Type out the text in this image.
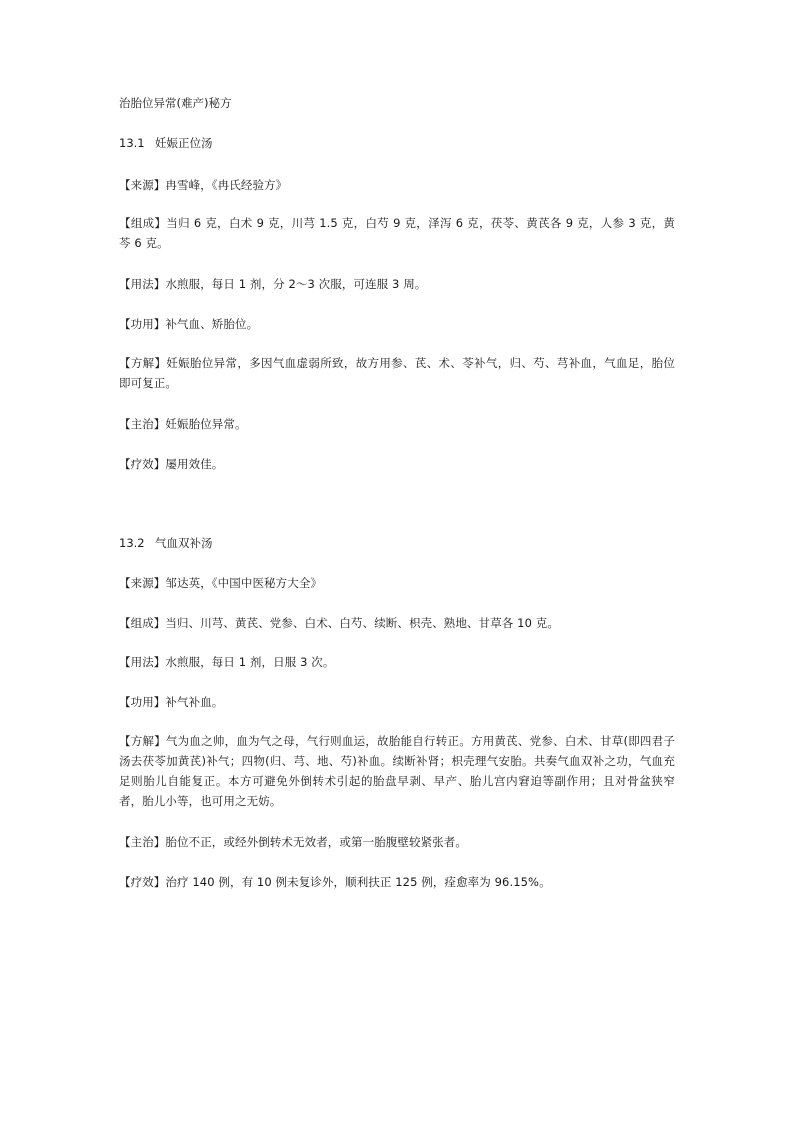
治胎位异常(难产)秘方
13.1 妊娠正位汤
【来源】冉雪峰，《冉氏经验方》
【组成】当归 6 克，白术 9 克，川芎 1.5 克，白芍 9 克，泽泻 6 克，茯苓、黄芪各 9 克，人参 3 克，黄芩 6 克。
【用法】水煎服，每日 1 剂，分 2～3 次服，可连服 3 周。
【功用】补气血、矫胎位。
【方解】妊娠胎位异常，多因气血虚弱所致，故方用参、芪、术、苓补气，归、芍、芎补血，气血足，胎位即可复正。
【主治】妊娠胎位异常。
【疗效】屡用效佳。
13.2 气血双补汤
【来源】邹达英，《中国中医秘方大全》
【组成】当归、川芎、黄芪、党参、白术、白芍、续断、枳壳、熟地、甘草各 10 克。
【用法】水煎服，每日 1 剂，日服 3 次。
【功用】补气补血。
【方解】气为血之帅，血为气之母，气行则血运，故胎能自行转正。方用黄芪、党参、白术、甘草(即四君子汤去茯苓加黄芪)补气；四物(归、芎、地、芍)补血。续断补肾；枳壳理气安胎。共奏气血双补之功，气血充足则胎儿自能复正。本方可避免外倒转术引起的胎盘早剥、早产、胎儿宫内窘迫等副作用；且对骨盆狭窄者，胎儿小等，也可用之无妨。
【主治】胎位不正，或经外倒转术无效者，或第一胎腹壁较紧张者。
【疗效】治疗 140 例，有 10 例未复诊外，顺利扶正 125 例，痊愈率为 96.15%。
